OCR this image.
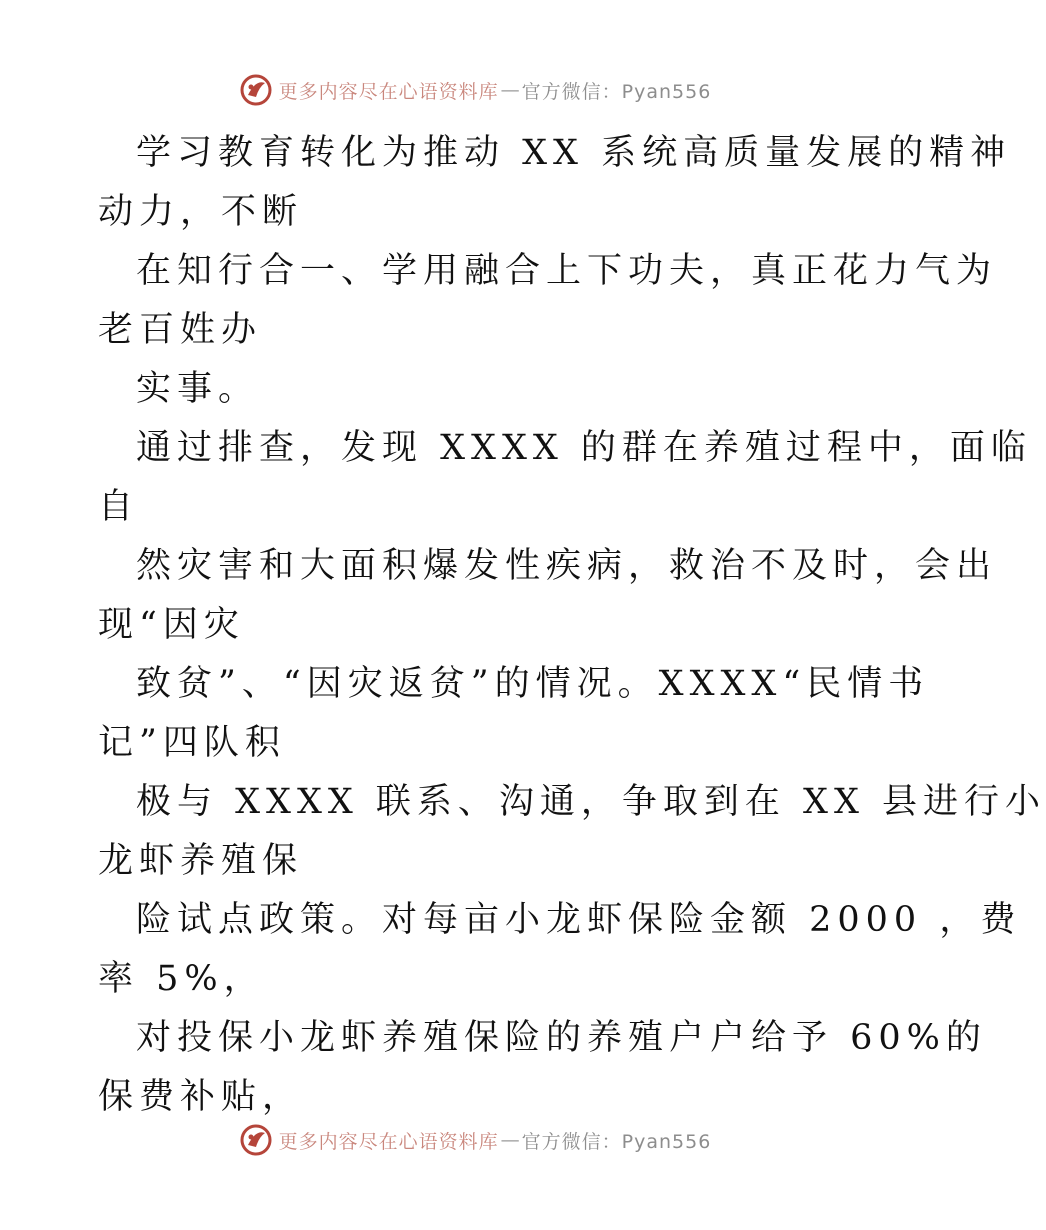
更多内容尽在心语资料库 — 官方微信：Pyan556
学习教育转化为推动 XX 系统高质量发展的精神
动力，不断
在知行合一、学用融合上下功夫，真正花力气为
老百姓办
实事。
通过排查，发现 XXXX 的群在养殖过程中，面临
自
然灾害和大面积爆发性疾病，救治不及时，会出
现“因灾
致贫”、“因灾返贫”的情况。XXXX“民情书
记”四队积
极与 XXXX 联系、沟通，争取到在 XX 县进行小
龙虾养殖保
险试点政策。对每亩小龙虾保险金额 2000 ，费
率 5%，
对投保小龙虾养殖保险的养殖户户给予 60%的
保费补贴，
更多内容尽在心语资料库 — 官方微信：Pyan556
